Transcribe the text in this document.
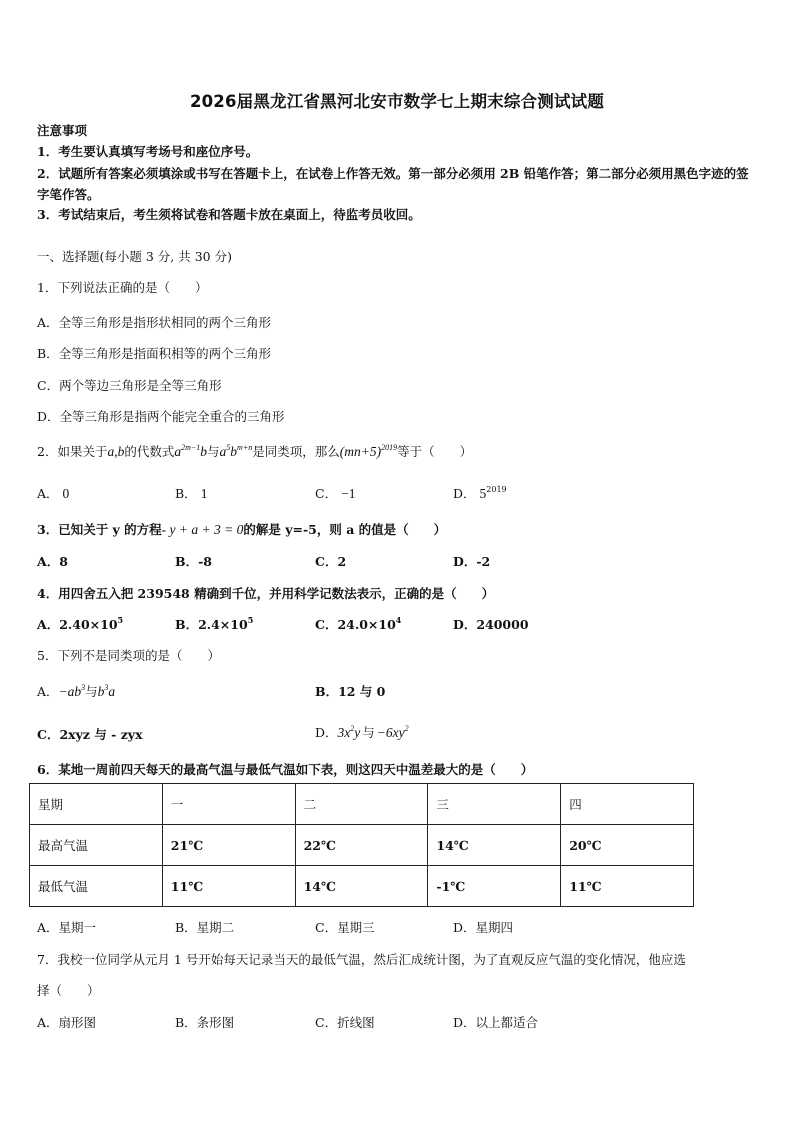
2026届黑龙江省黑河北安市数学七上期末综合测试试题
注意事项
1．考生要认真填写考场号和座位序号。
2．试题所有答案必须填涂或书写在答题卡上，在试卷上作答无效。第一部分必须用 2B 铅笔作答；第二部分必须用黑色字迹的签字笔作答。
3．考试结束后，考生须将试卷和答题卡放在桌面上，待监考员收回。
一、选择题(每小题 3 分, 共 30 分)
1．下列说法正确的是（　　）
A．全等三角形是指形状相同的两个三角形
B．全等三角形是指面积相等的两个三角形
C．两个等边三角形是全等三角形
D．全等三角形是指两个能完全重合的三角形
2．如果关于a,b的代数式$a^{2m-1}b$与$a^5b^{m+n}$是同类项，那么$(mn+5)^{2019}$等于（　　）
A． 0	B． 1	C． −1	D． $5^{2019}$
3．已知关于 y 的方程- y + a + 3 = 0的解是 y=-5，则 a 的值是（　　）
A．8	B．-8	C．2	D．-2
4．用四舍五入把 239548 精确到千位，并用科学记数法表示，正确的是（　　）
A．$2.40\times 10^5$	B．$2.4\times 10^5$	C．$24.0\times 10^4$	D．240000
5．下列不是同类项的是（　　）
A．$-ab^3$与$b^3a$	B．12 与 0
C．2xyz 与 - zyx	D．$3x^2y$ 与 $-6xy^2$
6．某地一周前四天每天的最高气温与最低气温如下表，则这四天中温差最大的是（　　）
星期	一	二	三	四
最高气温	21℃	22℃	14℃	20℃
最低气温	11℃	14℃	-1℃	11℃
A．星期一	B．星期二	C．星期三	D．星期四
7．我校一位同学从元月 1 号开始每天记录当天的最低气温，然后汇成统计图，为了直观反应气温的变化情况，他应选
择（　　）
A．扇形图	B．条形图	C．折线图	D．以上都适合
